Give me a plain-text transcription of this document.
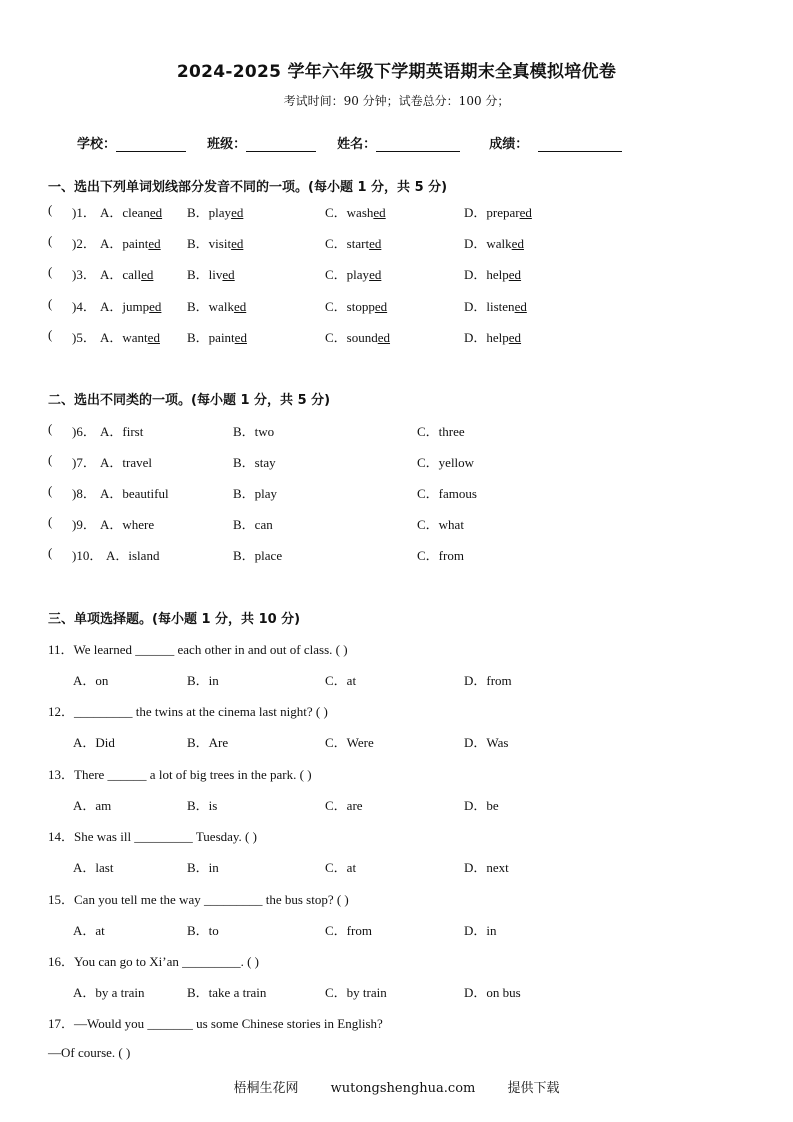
2024-2025 学年六年级下学期英语期末全真模拟培优卷
考试时间：90 分钟；试卷总分：100 分；
学校：	班级：	姓名：	成绩：
一、选出下列单词划线部分发音不同的一项。(每小题 1 分，共 5 分)
( )1． A．cleaned B．played	C．washed	D．prepared
( )2． A．painted B．visited	C．started	D．walked
( )3． A．called	B．lived	C．played	D．helped
( )4． A．jumped B．walked	C．stopped	D．listened
( )5． A．wanted B．painted	C．sounded	D．helped
二、选出不同类的一项。(每小题 1 分，共 5 分)
( )6． A．first	B．two	C．three
( )7． A．travel	B．stay	C．yellow
( )8． A．beautiful	B．play	C．famous
( )9． A．where	B．can	C．what
( )10． A．island	B．place	C．from
三、单项选择题。(每小题 1 分，共 10 分)
11．We learned ______ each other in and out of class. ( )
A．on	B．in	C．at	D．from
12．_________ the twins at the cinema last night? ( )
A．Did	B．Are	C．Were	D．Was
13．There ______ a lot of big trees in the park. ( )
A．am	B．is	C．are	D．be
14．She was ill _________ Tuesday. ( )
A．last	B．in	C．at	D．next
15．Can you tell me the way _________ the bus stop? ( )
A．at	B．to	C．from	D．in
16．You can go to Xi’an _________. ( )
A．by a train	B．take a train	C．by train	D．on bus
17．—Would you _______ us some Chinese stories in English?
—Of course. ( )
梧桐生花网 wutongshenghua.com 提供下载
